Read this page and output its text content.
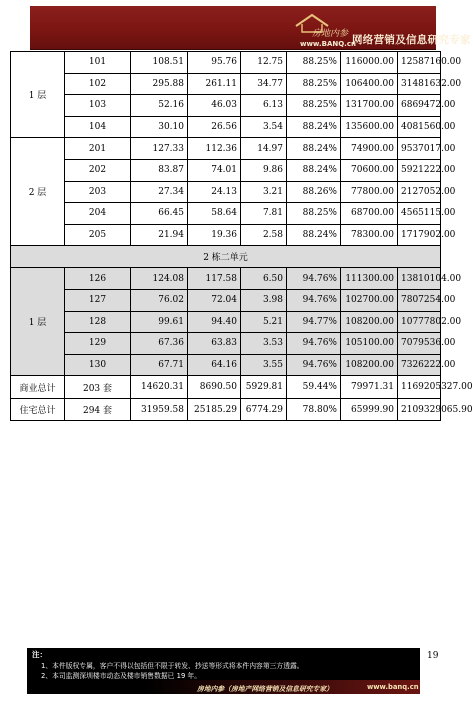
房地内参
www.BANQ.cn
网络营销及信息研究专家
1 层	101	108.51	95.76	12.75	88.25%	116000.00	12587160.00
	102	295.88	261.11	34.77	88.25%	106400.00	31481632.00
	103	52.16	46.03	6.13	88.25%	131700.00	6869472.00
	104	30.10	26.56	3.54	88.24%	135600.00	4081560.00
2 层	201	127.33	112.36	14.97	88.24%	74900.00	9537017.00
	202	83.87	74.01	9.86	88.24%	70600.00	5921222.00
	203	27.34	24.13	3.21	88.26%	77800.00	2127052.00
	204	66.45	58.64	7.81	88.25%	68700.00	4565115.00
	205	21.94	19.36	2.58	88.24%	78300.00	1717902.00
2 栋二单元							
1 层	126	124.08	117.58	6.50	94.76%	111300.00	13810104.00
	127	76.02	72.04	3.98	94.76%	102700.00	7807254.00
	128	99.61	94.40	5.21	94.77%	108200.00	10777802.00
	129	67.36	63.83	3.53	94.76%	105100.00	7079536.00
	130	67.71	64.16	3.55	94.76%	108200.00	7326222.00
商业总计	203 套	14620.31	8690.50	5929.81	59.44%	79971.31	1169205327.00
住宅总计	294 套	31959.58	25185.29	6774.29	78.80%	65999.90	2109329065.90
19
注：
1、本件版权专属，客户不得以包括但不限于转发、抄送等形式将本件内容第三方透露。
2、本司监测深圳楼市动态及楼市销售数据已 19 年。
房地内参（房地产网络营销及信息研究专家）	www.banq.cn
